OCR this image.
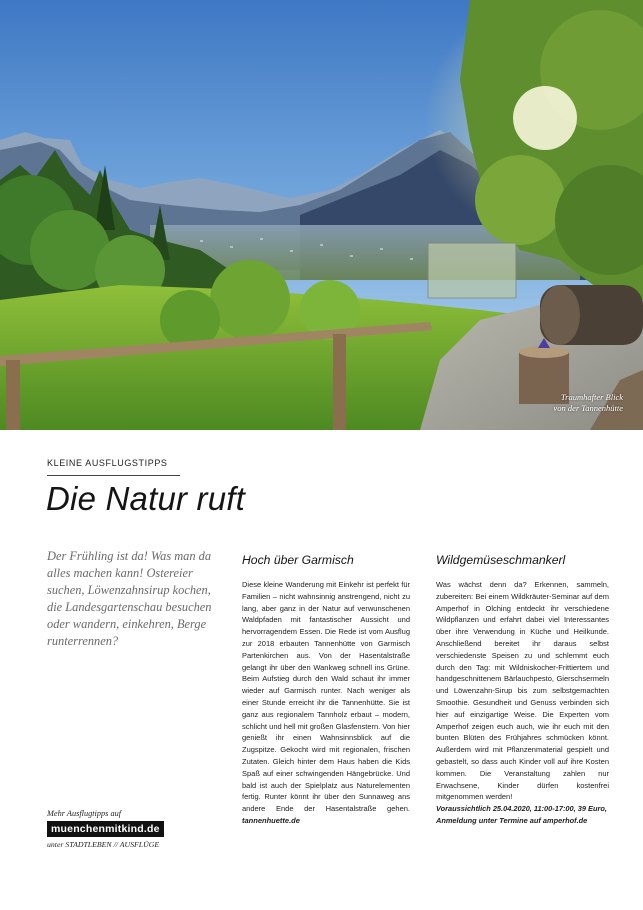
Traumhafter Blick
von der Tannenhütte
KLEINE AUSFLUGSTIPPS
Die Natur ruft
Der Frühling ist da! Was man da alles machen kann! Ostereier suchen, Löwenzahnsirup kochen, die Landesgartenschau besuchen oder wandern, einkehren, Berge runterrennen?
Mehr Ausflugtipps auf
muenchenmitkind.de
unter STADTLEBEN // AUSFLÜGE
Hoch über Garmisch

Diese kleine Wanderung mit Einkehr ist perfekt für Familien – nicht wahnsinnig anstrengend, nicht zu lang, aber ganz in der Natur auf verwunschenen Waldpfaden mit fantastischer Aussicht und hervorragendem Essen. Die Rede ist vom Ausflug zur 2018 erbauten Tannenhütte von Garmisch Partenkirchen aus. Von der Hasentalstraße gelangt ihr über den Wankweg schnell ins Grüne. Beim Aufstieg durch den Wald schaut ihr immer wieder auf Garmisch runter. Nach weniger als einer Stunde erreicht ihr die Tannenhütte. Sie ist ganz aus regionalem Tannholz erbaut – modern, schlicht und hell mit großen Glasfenstern. Von hier genießt ihr einen Wahnsinnsblick auf die Zugspitze. Gekocht wird mit regionalen, frischen Zutaten. Gleich hinter dem Haus haben die Kids Spaß auf einer schwingenden Hängebrücke. Und bald ist auch der Spielplatz aus Naturelementen fertig. Runter könnt ihr über den Sunnaweg ans andere Ende der Hasentalstraße gehen. tannenhuette.de

Wildgemüseschmankerl

Was wächst denn da? Erkennen, sammeln, zubereiten: Bei einem Wildkräuter-Seminar auf dem Amperhof in Olching entdeckt ihr verschiedene Wildpflanzen und erfahrt dabei viel Interessantes über ihre Verwendung in Küche und Heilkunde. Anschließend bereitet ihr daraus selbst verschiedenste Speisen zu und schlemmt euch durch den Tag: mit Wildniskocher-Frittiertem und handgeschnittenem Bärlauchpesto, Gierschsermeln und Löwenzahn-Sirup bis zum selbstgemachten Smoothie. Gesundheit und Genuss verbinden sich hier auf einzigartige Weise. Die Experten vom Amperhof zeigen euch auch, wie ihr euch mit den bunten Blüten des Frühjahres schmücken könnt. Außerdem wird mit Pflanzenmaterial gespielt und gebastelt, so dass auch Kinder voll auf ihre Kosten kommen. Die Veranstaltung zahlen nur Erwachsene, Kinder dürfen kostenfrei mitgenommen werden!

Voraussichtlich 25.04.2020, 11:00-17:00, 39 Euro, Anmeldung unter Termine auf amperhof.de
